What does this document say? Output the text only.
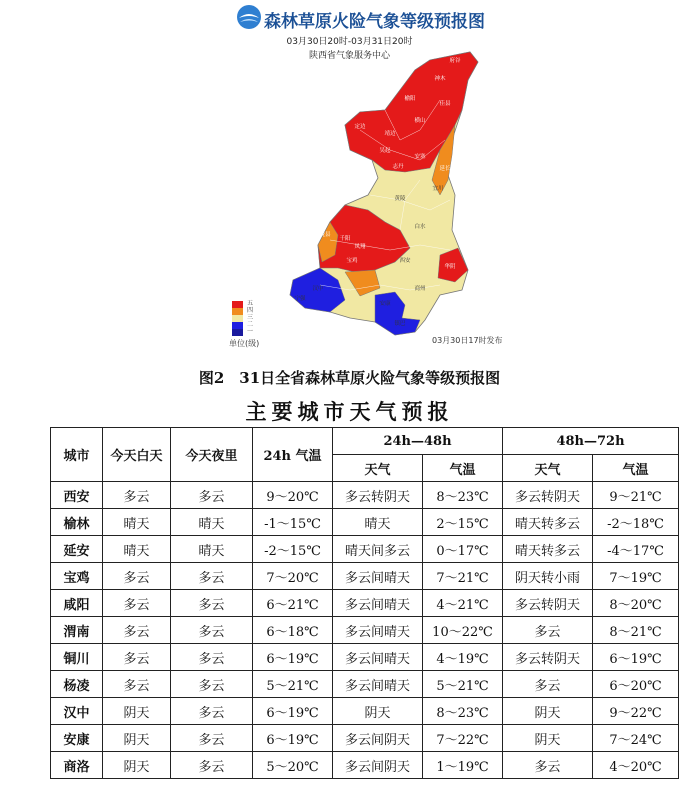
森林草原火险气象等级预报图
03月30日20时-03月31日20时
陕西省气象服务中心	府谷
神木
佳县
榆阳
横山
定边
靖边
吴起
志丹
安塞
延长
宜川
黄陵
白水
陇县
千阳
凤翔
宝鸡	西安
华阴
商州
汉中
安康
宁强
镇巴
五
四
三
二
一
单位(级)	03月30日17时发布
图2　31日全省森林草原火险气象等级预报图
主要城市天气预报
城市	今天白天	今天夜里	24h 气温	24h—48h		48h—72h	
				天气	气温	天气	气温
西安	多云	多云	9～20℃	多云转阴天	8～23℃	多云转阴天	9～21℃
榆林	晴天	晴天	-1～15℃	晴天	2～15℃	晴天转多云	-2～18℃
延安	晴天	晴天	-2～15℃	晴天间多云	0～17℃	晴天转多云	-4～17℃
宝鸡	多云	多云	7～20℃	多云间晴天	7～21℃	阴天转小雨	7～19℃
咸阳	多云	多云	6～21℃	多云间晴天	4～21℃	多云转阴天	8～20℃
渭南	多云	多云	6～18℃	多云间晴天	10～22℃	多云	8～21℃
铜川	多云	多云	6～19℃	多云间晴天	4～19℃	多云转阴天	6～19℃
杨凌	多云	多云	5～21℃	多云间晴天	5～21℃	多云	6～20℃
汉中	阴天	多云	6～19℃	阴天	8～23℃	阴天	9～22℃
安康	阴天	多云	6～19℃	多云间阴天	7～22℃	阴天	7～24℃
商洛	阴天	多云	5～20℃	多云间阴天	1～19℃	多云	4～20℃
